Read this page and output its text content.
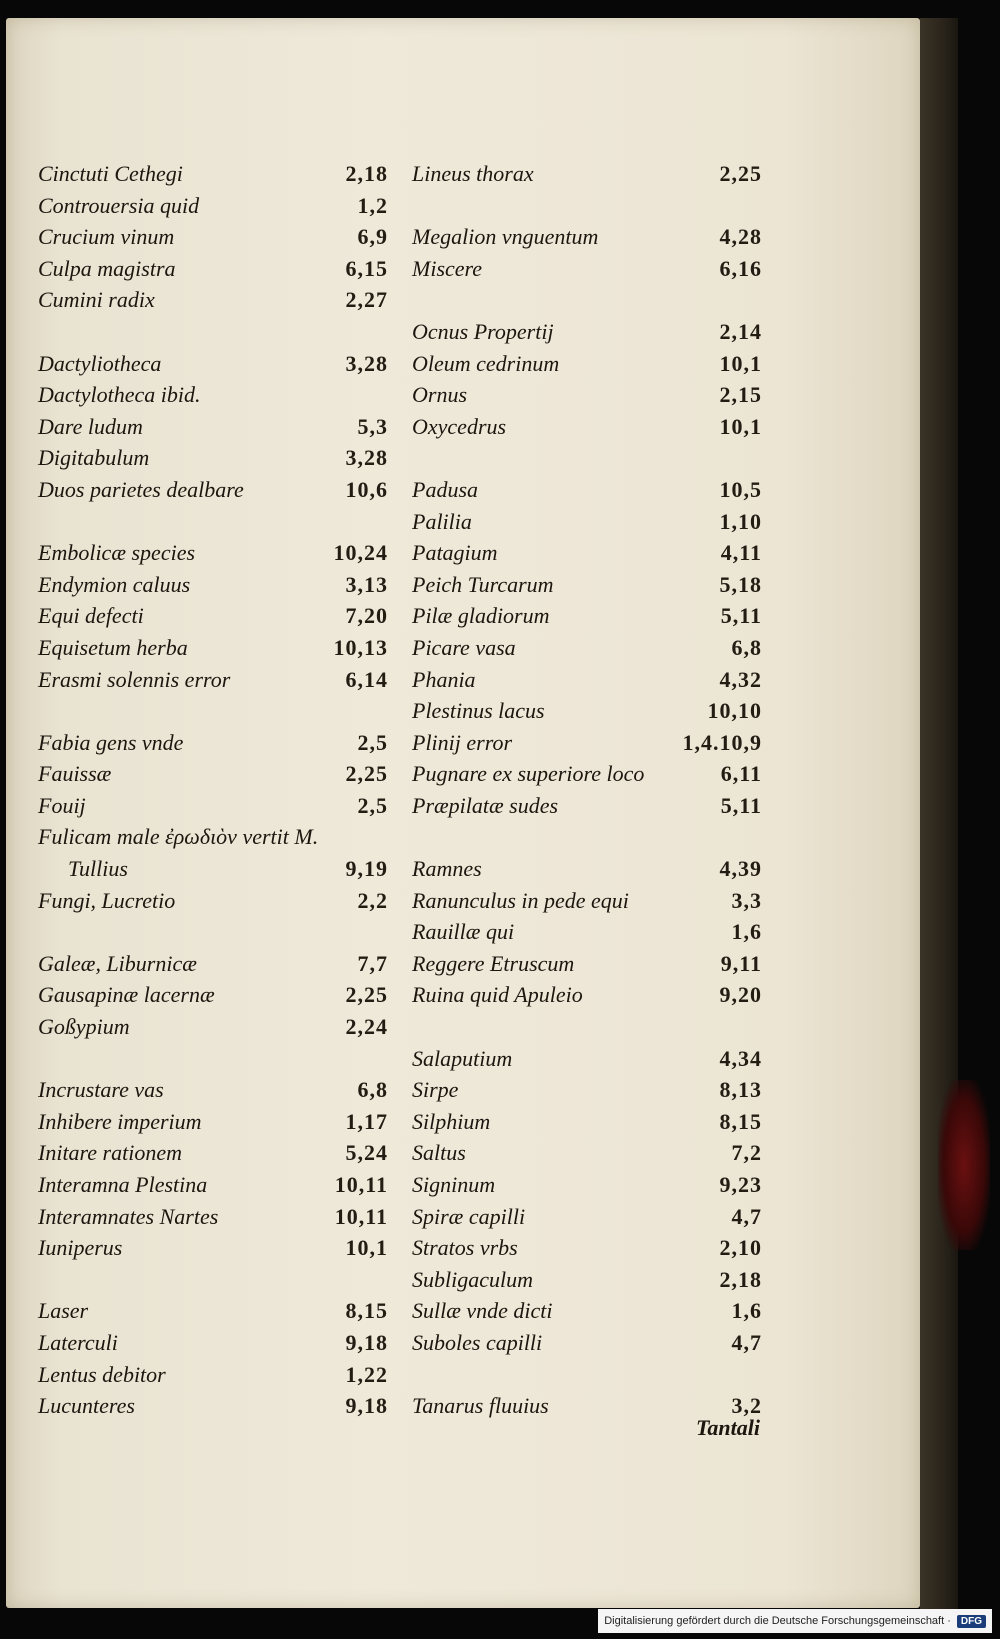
Cinctuti Cethegi	2,18
Controuersia quid	1,2
Crucium vinum	6,9
Culpa magistra	6,15
Cumini radix	2,27
Dactyliotheca	3,28
Dactylotheca ibid.
Dare ludum	5,3
Digitabulum	3,28
Duos parietes dealbare	10,6
Embolicæ species	10,24
Endymion caluus	3,13
Equi defecti	7,20
Equisetum herba	10,13
Erasmi solennis error	6,14
Fabia gens vnde	2,5
Fauissæ	2,25
Fouij	2,5
Fulicam male ἐρωδιὸν vertit M.
Tullius	9,19
Fungi, Lucretio	2,2
Galeæ, Liburnicæ	7,7
Gausapinæ lacernæ	2,25
Goßypium	2,24
Incrustare vas	6,8
Inhibere imperium	1,17
Initare rationem	5,24
Interamna Plestina	10,11
Interamnates Nartes	10,11
Iuniperus	10,1
Laser	8,15
Laterculi	9,18
Lentus debitor	1,22
Lucunteres	9,18
Lineus thorax	2,25
Megalion vnguentum	4,28
Miscere	6,16
Ocnus Propertij	2,14
Oleum cedrinum	10,1
Ornus	2,15
Oxycedrus	10,1
Padusa	10,5
Palilia	1,10
Patagium	4,11
Peich Turcarum	5,18
Pilæ gladiorum	5,11
Picare vasa	6,8
Phania	4,32
Plestinus lacus	10,10
Plinij error	1,4.10,9
Pugnare ex superiore loco	6,11
Præpilatæ sudes	5,11
Ramnes	4,39
Ranunculus in pede equi	3,3
Rauillæ qui	1,6
Reggere Etruscum	9,11
Ruina quid Apuleio	9,20
Salaputium	4,34
Sirpe	8,13
Silphium	8,15
Saltus	7,2
Signinum	9,23
Spiræ capilli	4,7
Stratos vrbs	2,10
Subligaculum	2,18
Sullæ vnde dicti	1,6
Suboles capilli	4,7
Tanarus fluuius	3,2
Tantali
Digitalisierung gefördert durch die Deutsche Forschungsgemeinschaft ·	DFG
